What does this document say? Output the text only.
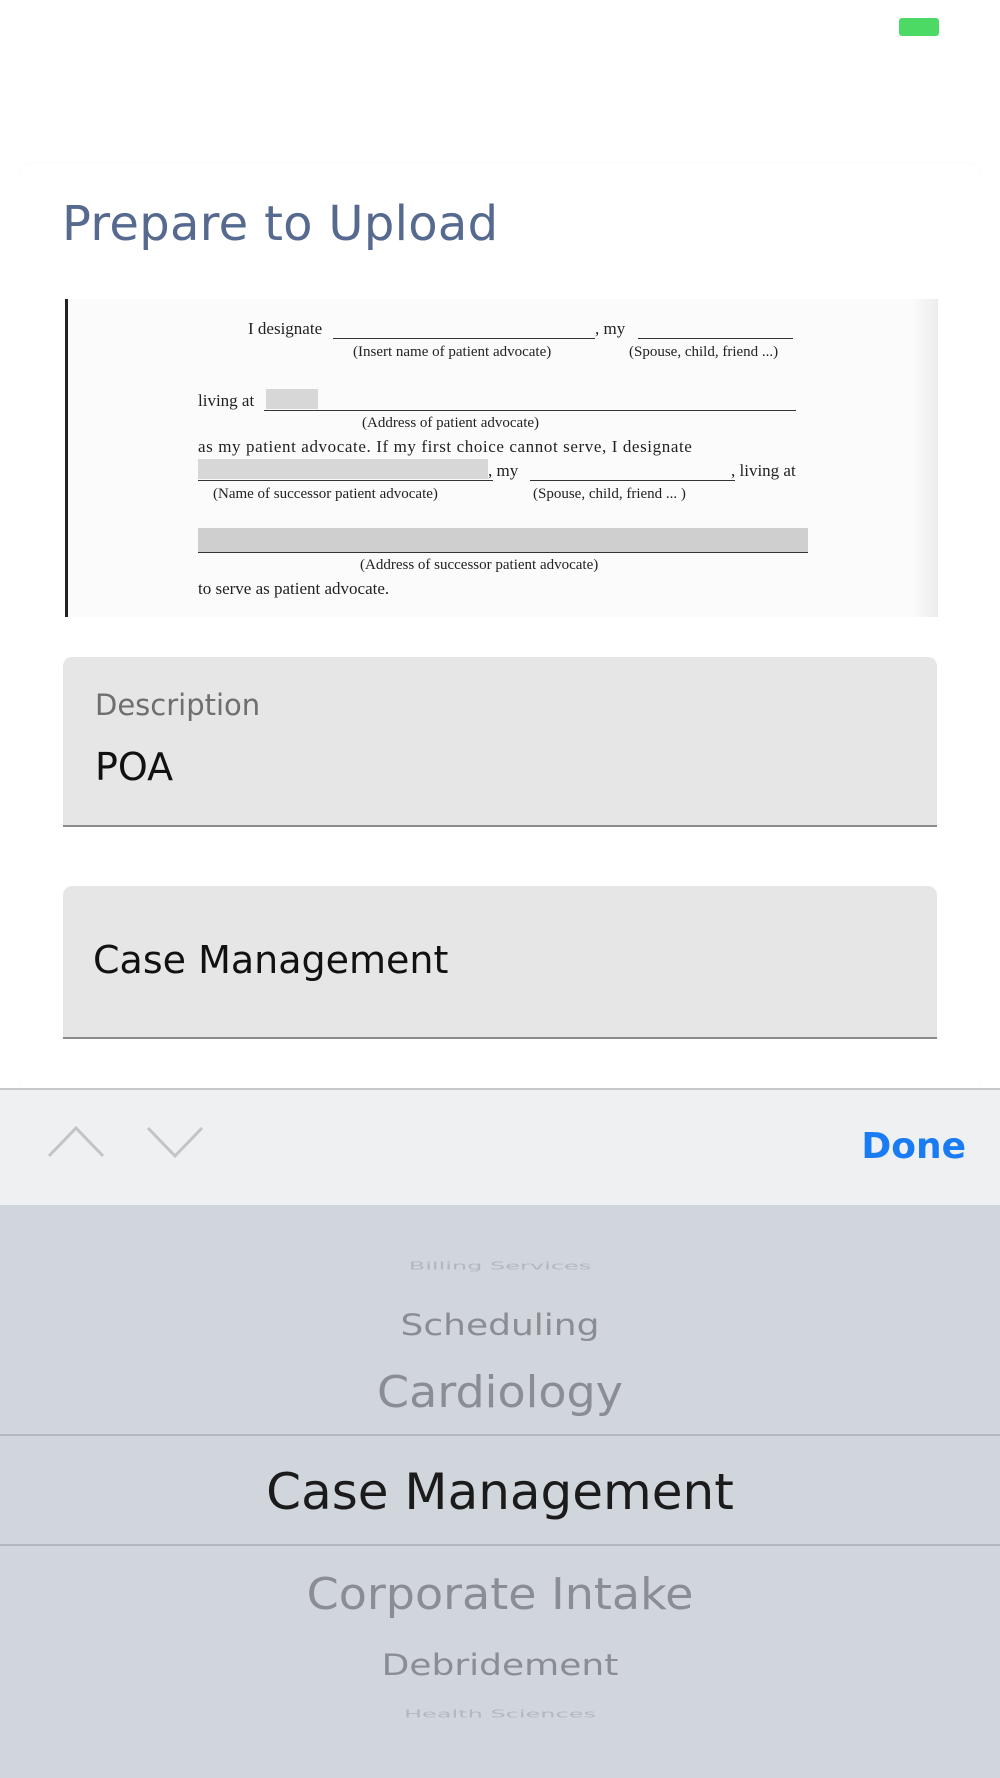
Prepare to Upload
I designate	, my
(Insert name of patient advocate)	(Spouse, child, friend ...)
living at
(Address of patient advocate)
as my patient advocate. If my first choice cannot serve, I designate
, my	, living at
(Name of successor patient advocate)	(Spouse, child, friend ... )
(Address of successor patient advocate)
to serve as patient advocate.
Description
POA
Case Management
Done
Billing Services
Scheduling
Cardiology
Case Management
Corporate Intake
Debridement
Health Sciences
